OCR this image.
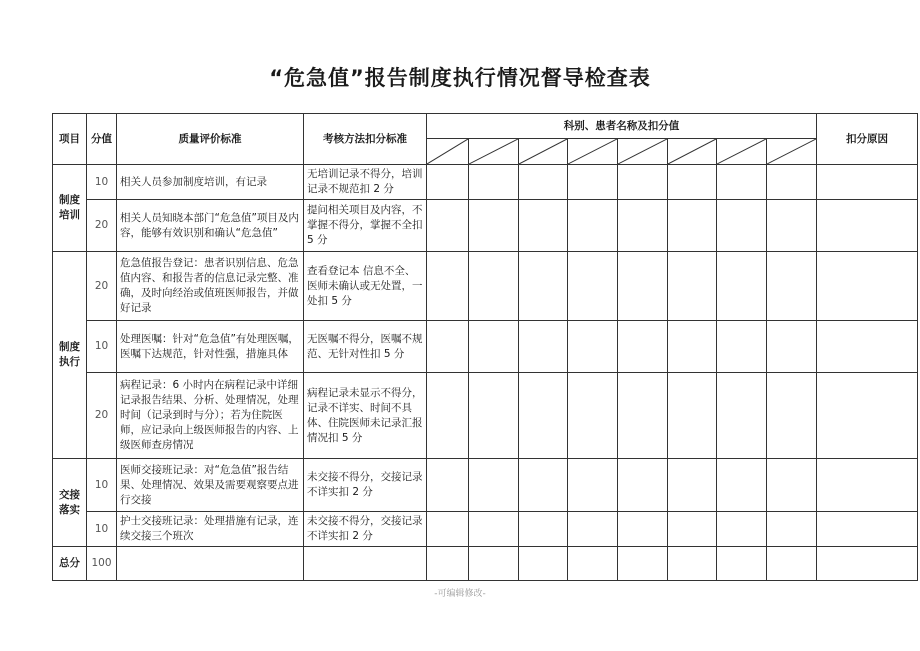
“危急值”报告制度执行情况督导检查表
项目	分值	质量评价标准	考核方法扣分标准	科别、患者名称及扣分值								扣分原因

制度培训	10	相关人员参加制度培训，有记录	无培训记录不得分，培训记录不规范扣 2 分									
	20	相关人员知晓本部门“危急值”项目及内容，能够有效识别和确认“危急值”	提问相关项目及内容，不掌握不得分，掌握不全扣 5 分									
制度执行	20	危急值报告登记：患者识别信息、危急值内容、和报告者的信息记录完整、准确，及时向经治或值班医师报告，并做好记录	查看登记本 信息不全、医师未确认或无处置，一处扣 5 分									
	10	处理医嘱：针对“危急值”有处理医嘱，医嘱下达规范，针对性强，措施具体	无医嘱不得分，医嘱不规范、无针对性扣 5 分									
	20	病程记录：6 小时内在病程记录中详细记录报告结果、分析、处理情况，处理时间（记录到时与分）；若为住院医师，应记录向上级医师报告的内容、上级医师查房情况	病程记录未显示不得分，记录不详实、时间不具体、住院医师未记录汇报情况扣 5 分									
交接落实	10	医师交接班记录：对“危急值”报告结果、处理情况、效果及需要观察要点进行交接	未交接不得分，交接记录不详实扣 2 分									
	10	护士交接班记录：处理措施有记录，连续交接三个班次	未交接不得分，交接记录不详实扣 2 分									
总分	100											
-可编辑修改-
